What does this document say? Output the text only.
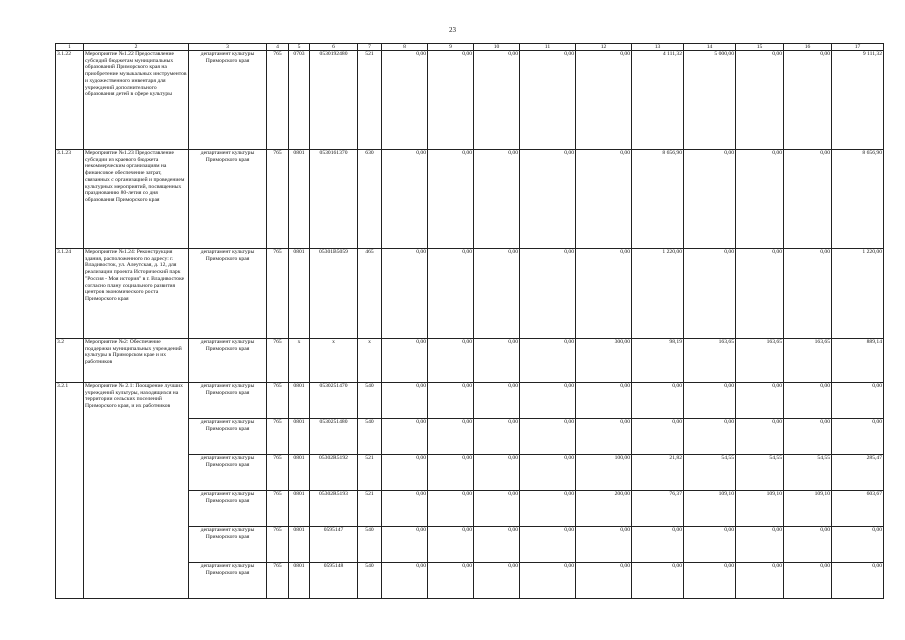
23
1	2	3	4	5	6	7	8	9	10	11	12	13	14	15	16	17
3.1.22	Мероприятие №1.22 Предоставление субсидий бюджетам муниципальных образований Приморского края на приобретение музыкальных инструментов и художественного инвентаря для учреждений дополнительного образования детей в сфере культуры	департамент культуры Приморского края	765	0703	0530192480	521	0,00	0,00	0,00	0,00	0,00	4 111,32	5 000,00	0,00	0,00	9 111,32
3.1.23	Мероприятие №1.23 Предоставление субсидии из краевого бюджета некоммерческим организациям на финансовое обеспечение затрат, связанных с организацией и проведением культурных мероприятий, посвященных празднованию 80-летия со дня образования Приморского края	департамент культуры Приморского края	765	0801	0530161370	630	0,00	0,00	0,00	0,00	0,00	8 656,90	0,00	0,00	0,00	8 656,90
3.1.24	Мероприятие №1.24: Реконструкция здания, расположенного по адресу: г. Владивосток, ул. Алеутская, д. 12, для реализации проекта Исторический парк "Россия - Моя история" в г. Владивостоке согласно плану социального развития центров экономического роста Приморского края	департамент культуры Приморского края	765	0801	05301В5059	465	0,00	0,00	0,00	0,00	0,00	1 220,00	0,00	0,00	0,00	1 220,00
3.2	Мероприятие №2: Обеспечение поддержки муниципальных учреждений культуры в Приморском крае и их работников	департамент культуры Приморского края	765	x	x	x	0,00	0,00	0,00	0,00	300,00	98,19	163,65	163,65	163,65	889,14
3.2.1	Мероприятие № 2.1: Поощрение лучших учреждений культуры, находящихся на территории сельских поселений Приморского края, и их работников	департамент культуры Приморского края	765	0801	0530251470	540	0,00	0,00	0,00	0,00	0,00	0,00	0,00	0,00	0,00	0,00
		департамент культуры Приморского края	765	0801	0530251480	540	0,00	0,00	0,00	0,00	0,00	0,00	0,00	0,00	0,00	0,00
		департамент культуры Приморского края	765	0801	05302R5192	521	0,00	0,00	0,00	0,00	100,00	21,82	54,55	54,55	54,55	285,47
		департамент культуры Приморского края	765	0801	05302R5193	521	0,00	0,00	0,00	0,00	200,00	76,37	109,10	109,10	109,10	603,67
		департамент культуры Приморского края	765	0801	0595147	540	0,00	0,00	0,00	0,00	0,00	0,00	0,00	0,00	0,00	0,00
		департамент культуры Приморского края	765	0801	0595148	540	0,00	0,00	0,00	0,00	0,00	0,00	0,00	0,00	0,00	0,00
